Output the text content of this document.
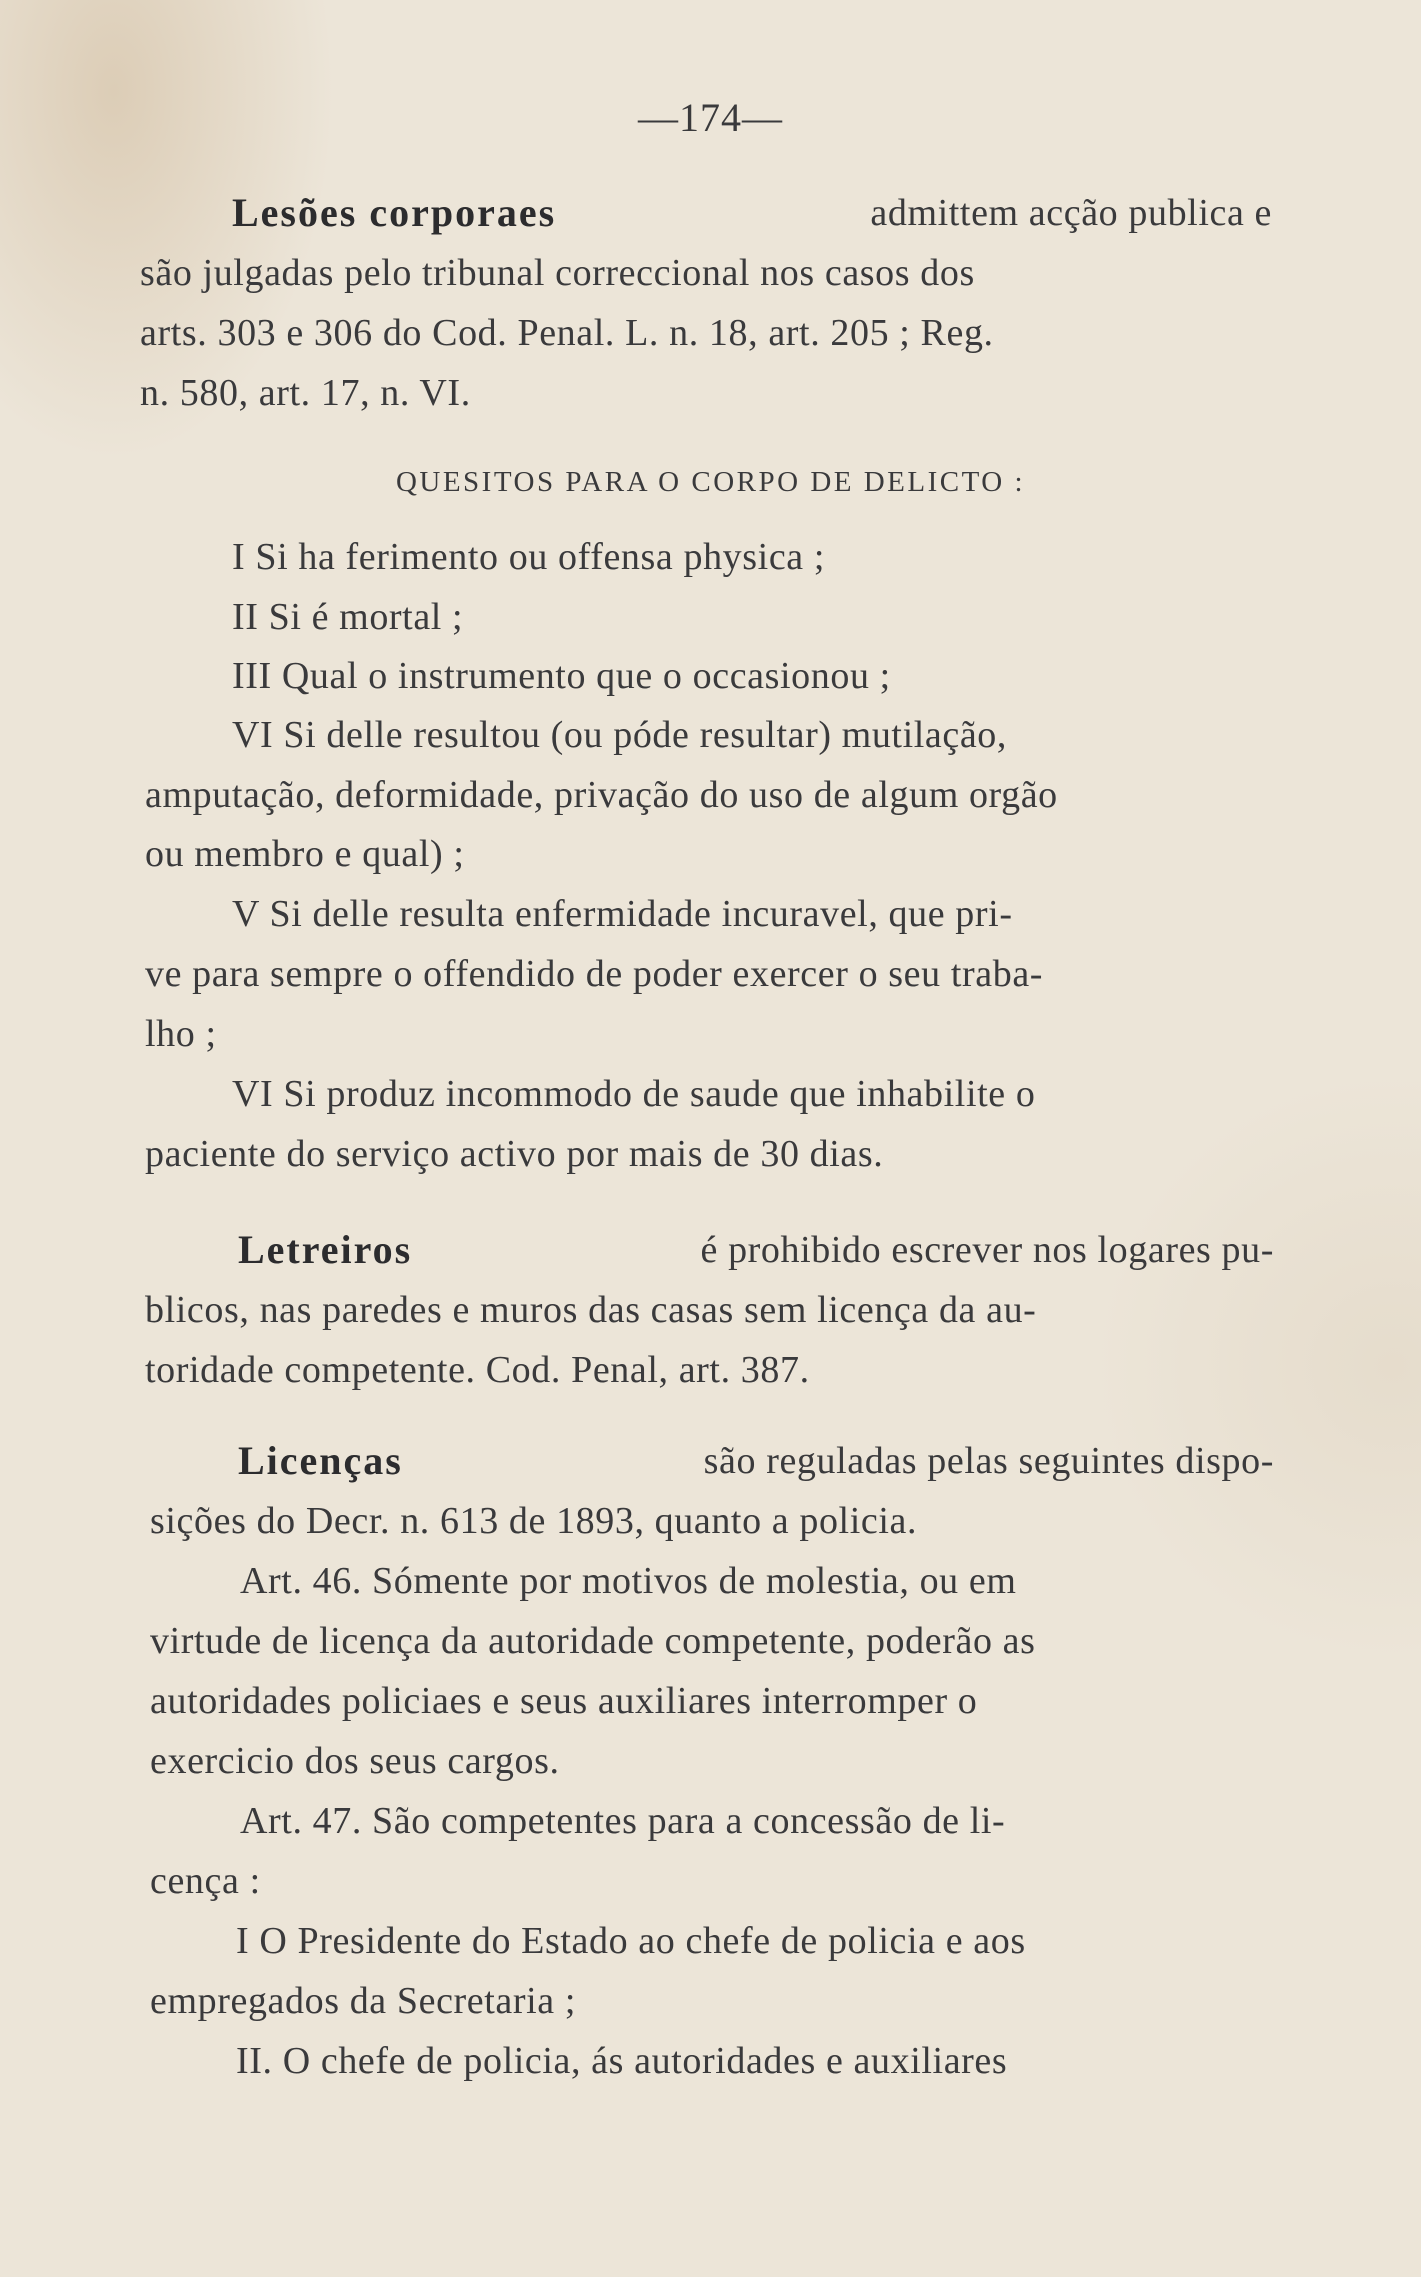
—174—
Lesões corporaes	admittem acção publica e
são julgadas pelo tribunal correccional nos casos dos
arts. 303 e 306 do Cod. Penal. L. n. 18, art. 205 ; Reg.
n. 580, art. 17, n. VI.
QUESITOS PARA O CORPO DE DELICTO :
I Si ha ferimento ou offensa physica ;
II Si é mortal ;
III Qual o instrumento que o occasionou ;
VI Si delle resultou (ou póde resultar) mutilação,
amputação, deformidade, privação do uso de algum orgão
ou membro e qual) ;
V Si delle resulta enfermidade incuravel, que pri-
ve para sempre o offendido de poder exercer o seu traba-
lho ;
VI Si produz incommodo de saude que inhabilite o
paciente do serviço activo por mais de 30 dias.
Letreiros	é prohibido escrever nos logares pu-
blicos, nas paredes e muros das casas sem licença da au-
toridade competente. Cod. Penal, art. 387.
Licenças	são reguladas pelas seguintes dispo-
sições do Decr. n. 613 de 1893, quanto a policia.
Art. 46. Sómente por motivos de molestia, ou em
virtude de licença da autoridade competente, poderão as
autoridades policiaes e seus auxiliares interromper o
exercicio dos seus cargos.
Art. 47. São competentes para a concessão de li-
cença :
I O Presidente do Estado ao chefe de policia e aos
empregados da Secretaria ;
II. O chefe de policia, ás autoridades e auxiliares
